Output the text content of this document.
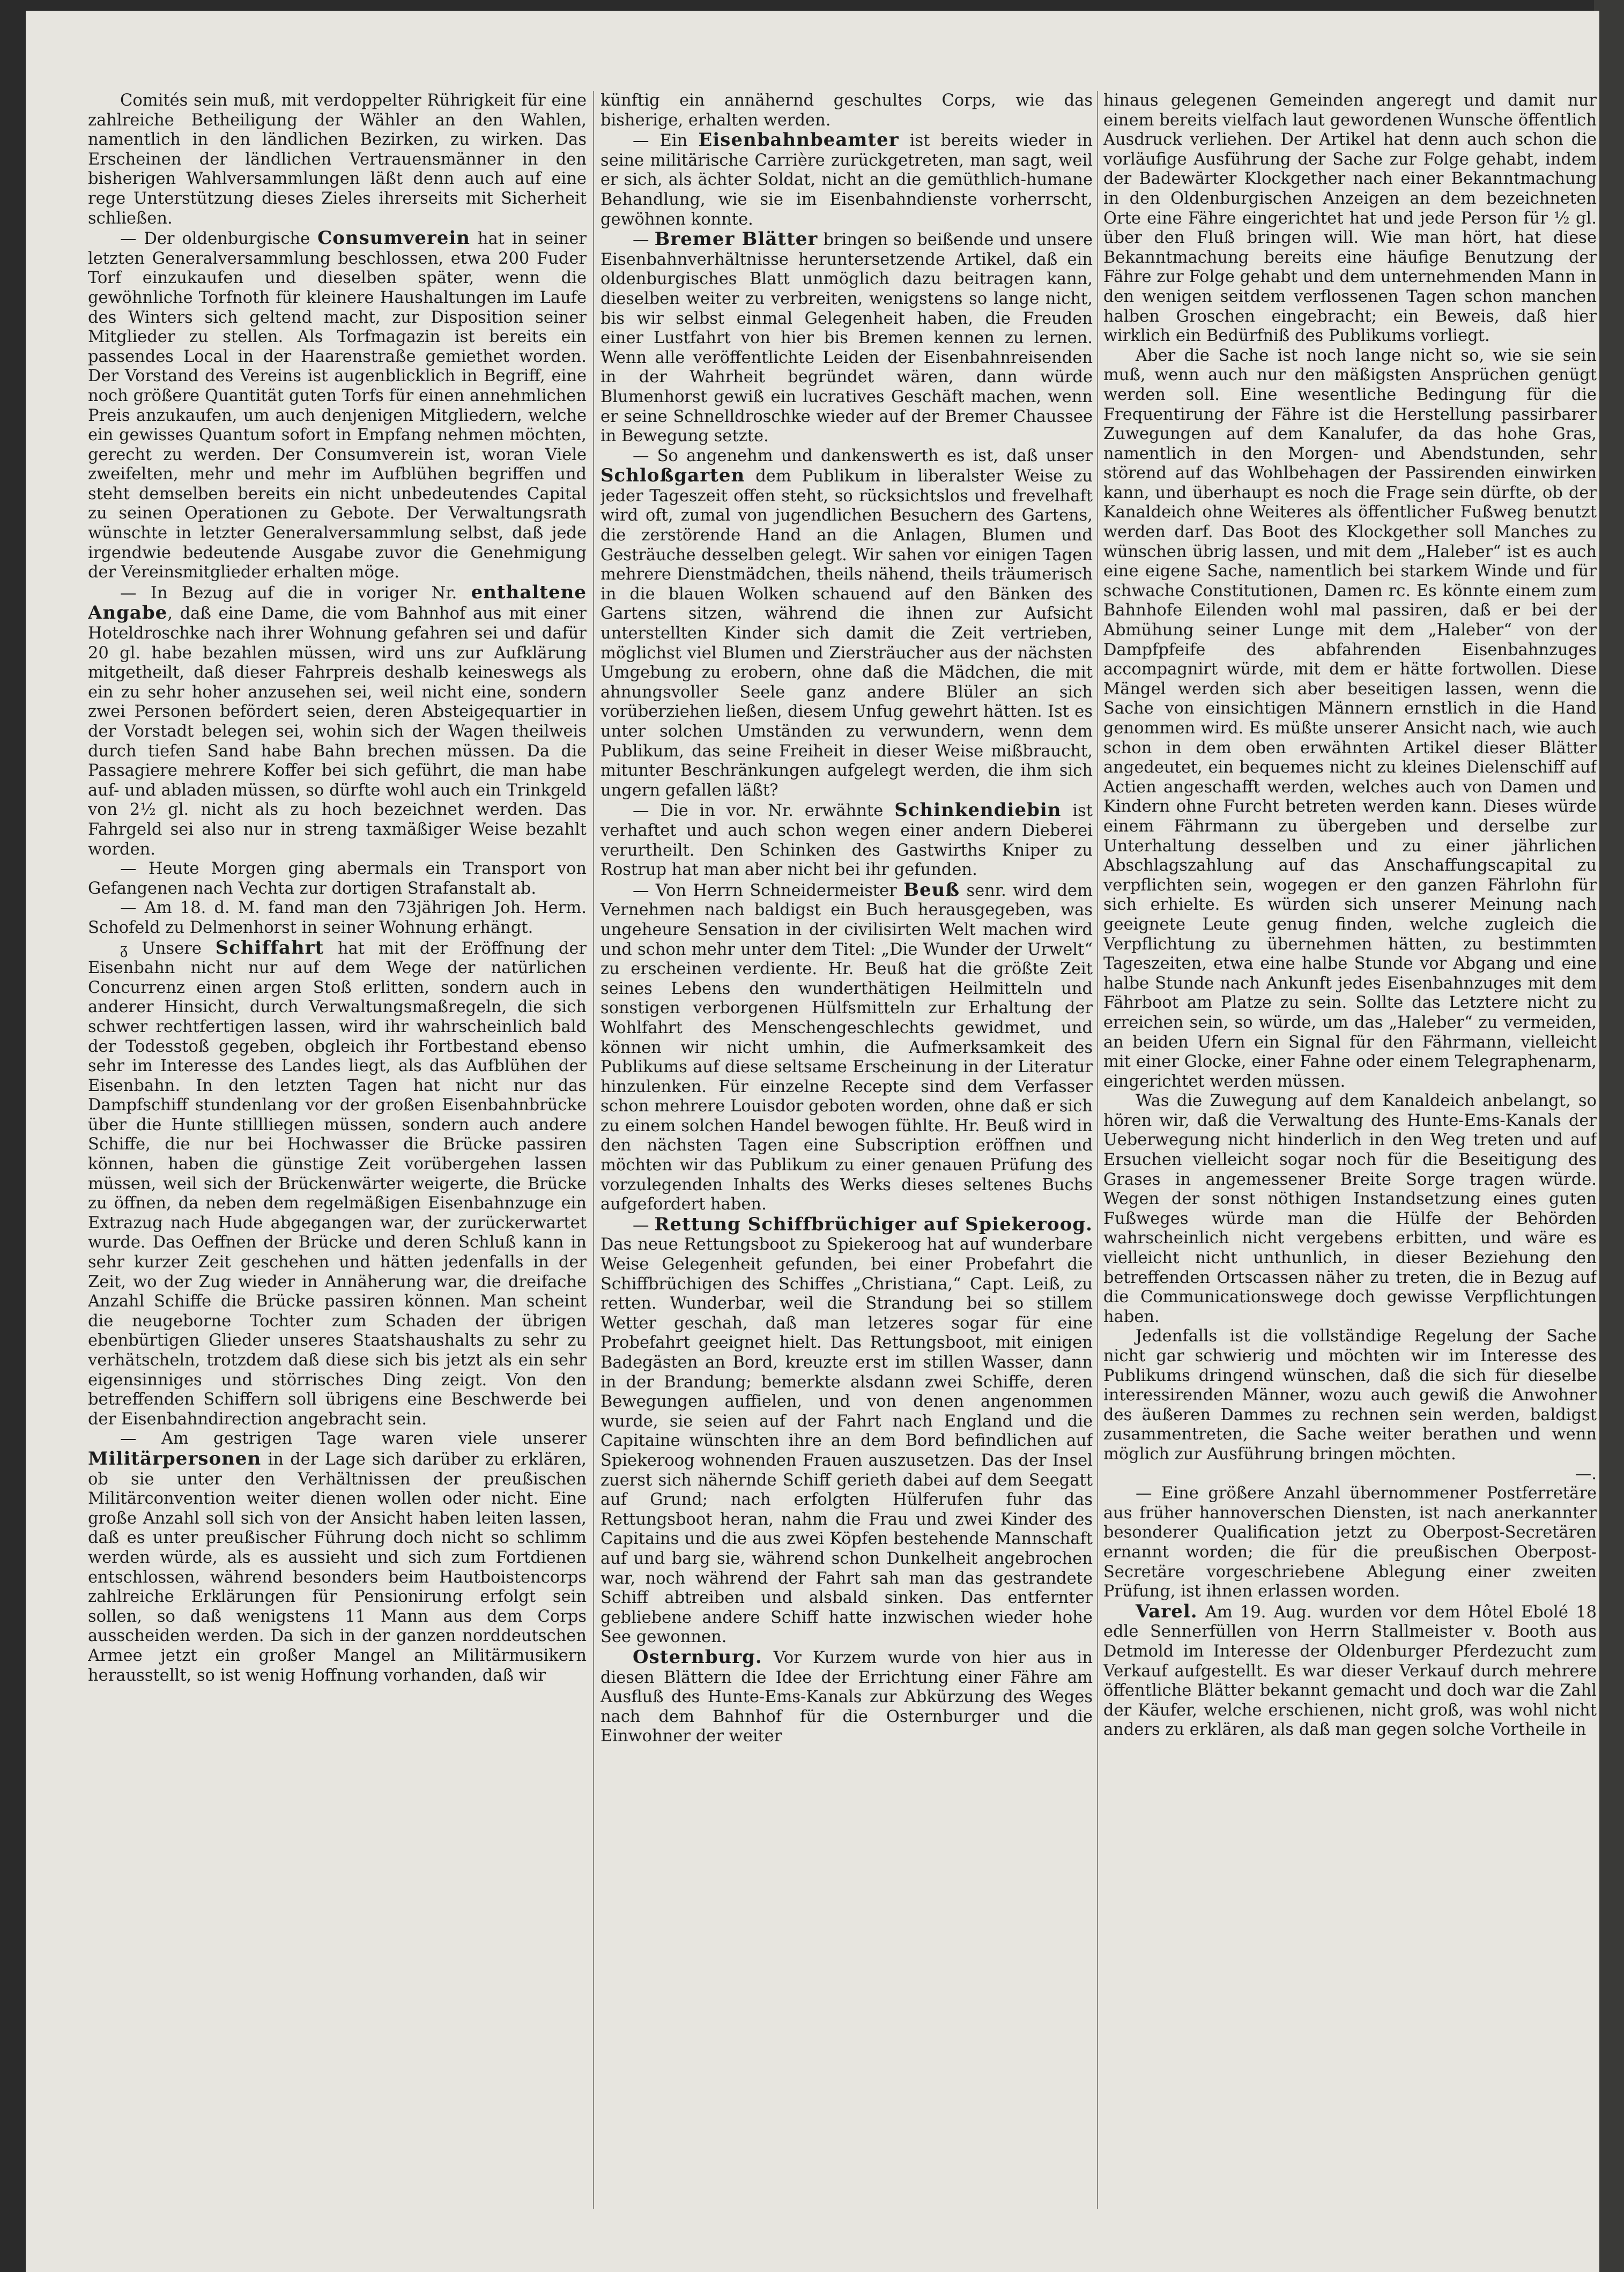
Comités sein muß, mit verdoppelter Rührigkeit für eine zahlreiche Betheiligung der Wähler an den Wahlen, namentlich in den ländlichen Bezirken, zu wirken. Das Erscheinen der ländlichen Vertrauensmänner in den bisherigen Wahlversammlungen läßt denn auch auf eine rege Unterstützung dieses Zieles ihrerseits mit Sicherheit schließen.

— Der oldenburgische Consumverein hat in seiner letzten Generalversammlung beschlossen, etwa 200 Fuder Torf einzukaufen und dieselben später, wenn die gewöhnliche Torfnoth für kleinere Haushaltungen im Laufe des Winters sich geltend macht, zur Disposition seiner Mitglieder zu stellen. Als Torfmagazin ist bereits ein passendes Local in der Haarenstraße gemiethet worden. Der Vorstand des Vereins ist augenblicklich in Begriff, eine noch größere Quantität guten Torfs für einen annehmlichen Preis anzukaufen, um auch denjenigen Mitgliedern, welche ein gewisses Quantum sofort in Empfang nehmen möchten, gerecht zu werden. Der Consumverein ist, woran Viele zweifelten, mehr und mehr im Aufblühen begriffen und steht demselben bereits ein nicht unbedeutendes Capital zu seinen Operationen zu Gebote. Der Verwaltungsrath wünschte in letzter Generalversammlung selbst, daß jede irgendwie bedeutende Ausgabe zuvor die Genehmigung der Vereinsmitglieder erhalten möge.

— In Bezug auf die in voriger Nr. enthaltene Angabe, daß eine Dame, die vom Bahnhof aus mit einer Hoteldroschke nach ihrer Wohnung gefahren sei und dafür 20 gl. habe bezahlen müssen, wird uns zur Aufklärung mitgetheilt, daß dieser Fahrpreis deshalb keineswegs als ein zu sehr hoher anzusehen sei, weil nicht eine, sondern zwei Personen befördert seien, deren Absteigequartier in der Vorstadt belegen sei, wohin sich der Wagen theilweis durch tiefen Sand habe Bahn brechen müssen. Da die Passagiere mehrere Koffer bei sich geführt, die man habe auf- und abladen müssen, so dürfte wohl auch ein Trinkgeld von 2½ gl. nicht als zu hoch bezeichnet werden. Das Fahrgeld sei also nur in streng taxmäßiger Weise bezahlt worden.

— Heute Morgen ging abermals ein Transport von Gefangenen nach Vechta zur dortigen Strafanstalt ab.

— Am 18. d. M. fand man den 73jährigen Joh. Herm. Schofeld zu Delmenhorst in seiner Wohnung erhängt.

ᵹ Unsere Schiffahrt hat mit der Eröffnung der Eisenbahn nicht nur auf dem Wege der natürlichen Concurrenz einen argen Stoß erlitten, sondern auch in anderer Hinsicht, durch Verwaltungsmaßregeln, die sich schwer rechtfertigen lassen, wird ihr wahrscheinlich bald der Todesstoß gegeben, obgleich ihr Fortbestand ebenso sehr im Interesse des Landes liegt, als das Aufblühen der Eisenbahn. In den letzten Tagen hat nicht nur das Dampfschiff stundenlang vor der großen Eisenbahnbrücke über die Hunte stillliegen müssen, sondern auch andere Schiffe, die nur bei Hochwasser die Brücke passiren können, haben die günstige Zeit vorübergehen lassen müssen, weil sich der Brückenwärter weigerte, die Brücke zu öffnen, da neben dem regelmäßigen Eisenbahnzuge ein Extrazug nach Hude abgegangen war, der zurückerwartet wurde. Das Oeffnen der Brücke und deren Schluß kann in sehr kurzer Zeit geschehen und hätten jedenfalls in der Zeit, wo der Zug wieder in Annäherung war, die dreifache Anzahl Schiffe die Brücke passiren können. Man scheint die neugeborne Tochter zum Schaden der übrigen ebenbürtigen Glieder unseres Staatshaushalts zu sehr zu verhätscheln, trotzdem daß diese sich bis jetzt als ein sehr eigensinniges und störrisches Ding zeigt. Von den betreffenden Schiffern soll übrigens eine Beschwerde bei der Eisenbahndirection angebracht sein.

— Am gestrigen Tage waren viele unserer Militärpersonen in der Lage sich darüber zu erklären, ob sie unter den Verhältnissen der preußischen Militärconvention weiter dienen wollen oder nicht. Eine große Anzahl soll sich von der Ansicht haben leiten lassen, daß es unter preußischer Führung doch nicht so schlimm werden würde, als es aussieht und sich zum Fortdienen entschlossen, während besonders beim Hautboistencorps zahlreiche Erklärungen für Pensionirung erfolgt sein sollen, so daß wenigstens 11 Mann aus dem Corps ausscheiden werden. Da sich in der ganzen norddeutschen Armee jetzt ein großer Mangel an Militärmusikern herausstellt, so ist wenig Hoffnung vorhanden, daß wir

künftig ein annähernd geschultes Corps, wie das bisherige, erhalten werden.

— Ein Eisenbahnbeamter ist bereits wieder in seine militärische Carrière zurückgetreten, man sagt, weil er sich, als ächter Soldat, nicht an die gemüthlich-humane Behandlung, wie sie im Eisenbahndienste vorherrscht, gewöhnen konnte.

— Bremer Blätter bringen so beißende und unsere Eisenbahnverhältnisse heruntersetzende Artikel, daß ein oldenburgisches Blatt unmöglich dazu beitragen kann, dieselben weiter zu verbreiten, wenigstens so lange nicht, bis wir selbst einmal Gelegenheit haben, die Freuden einer Lustfahrt von hier bis Bremen kennen zu lernen. Wenn alle veröffentlichte Leiden der Eisenbahnreisenden in der Wahrheit begründet wären, dann würde Blumenhorst gewiß ein lucratives Geschäft machen, wenn er seine Schnelldroschke wieder auf der Bremer Chaussee in Bewegung setzte.

— So angenehm und dankenswerth es ist, daß unser Schloßgarten dem Publikum in liberalster Weise zu jeder Tageszeit offen steht, so rücksichtslos und frevelhaft wird oft, zumal von jugendlichen Besuchern des Gartens, die zerstörende Hand an die Anlagen, Blumen und Gesträuche desselben gelegt. Wir sahen vor einigen Tagen mehrere Dienstmädchen, theils nähend, theils träumerisch in die blauen Wolken schauend auf den Bänken des Gartens sitzen, während die ihnen zur Aufsicht unterstellten Kinder sich damit die Zeit vertrieben, möglichst viel Blumen und Ziersträucher aus der nächsten Umgebung zu erobern, ohne daß die Mädchen, die mit ahnungsvoller Seele ganz andere Blüler an sich vorüberziehen ließen, diesem Unfug gewehrt hätten. Ist es unter solchen Umständen zu verwundern, wenn dem Publikum, das seine Freiheit in dieser Weise mißbraucht, mitunter Beschränkungen aufgelegt werden, die ihm sich ungern gefallen läßt?

— Die in vor. Nr. erwähnte Schinkendiebin ist verhaftet und auch schon wegen einer andern Dieberei verurtheilt. Den Schinken des Gastwirths Kniper zu Rostrup hat man aber nicht bei ihr gefunden.

— Von Herrn Schneidermeister Beuß senr. wird dem Vernehmen nach baldigst ein Buch herausgegeben, was ungeheure Sensation in der civilisirten Welt machen wird und schon mehr unter dem Titel: „Die Wunder der Urwelt“ zu erscheinen verdiente. Hr. Beuß hat die größte Zeit seines Lebens den wunderthätigen Heilmitteln und sonstigen verborgenen Hülfsmitteln zur Erhaltung der Wohlfahrt des Menschengeschlechts gewidmet, und können wir nicht umhin, die Aufmerksamkeit des Publikums auf diese seltsame Erscheinung in der Literatur hinzulenken. Für einzelne Recepte sind dem Verfasser schon mehrere Louisdor geboten worden, ohne daß er sich zu einem solchen Handel bewogen fühlte. Hr. Beuß wird in den nächsten Tagen eine Subscription eröffnen und möchten wir das Publikum zu einer genauen Prüfung des vorzulegenden Inhalts des Werks dieses seltenes Buchs aufgefordert haben.

— Rettung Schiffbrüchiger auf Spiekeroog. Das neue Rettungsboot zu Spiekeroog hat auf wunderbare Weise Gelegenheit gefunden, bei einer Probefahrt die Schiffbrüchigen des Schiffes „Christiana,“ Capt. Leiß, zu retten. Wunderbar, weil die Strandung bei so stillem Wetter geschah, daß man letzeres sogar für eine Probefahrt geeignet hielt. Das Rettungsboot, mit einigen Badegästen an Bord, kreuzte erst im stillen Wasser, dann in der Brandung; bemerkte alsdann zwei Schiffe, deren Bewegungen auffielen, und von denen angenommen wurde, sie seien auf der Fahrt nach England und die Capitaine wünschten ihre an dem Bord befindlichen auf Spiekeroog wohnenden Frauen auszusetzen. Das der Insel zuerst sich nähernde Schiff gerieth dabei auf dem Seegatt auf Grund; nach erfolgten Hülferufen fuhr das Rettungsboot heran, nahm die Frau und zwei Kinder des Capitains und die aus zwei Köpfen bestehende Mannschaft auf und barg sie, während schon Dunkelheit angebrochen war, noch während der Fahrt sah man das gestrandete Schiff abtreiben und alsbald sinken. Das entfernter gebliebene andere Schiff hatte inzwischen wieder hohe See gewonnen.

Osternburg. Vor Kurzem wurde von hier aus in diesen Blättern die Idee der Errichtung einer Fähre am Ausfluß des Hunte-Ems-Kanals zur Abkürzung des Weges nach dem Bahnhof für die Osternburger und die Einwohner der weiter

hinaus gelegenen Gemeinden angeregt und damit nur einem bereits vielfach laut gewordenen Wunsche öffentlich Ausdruck verliehen. Der Artikel hat denn auch schon die vorläufige Ausführung der Sache zur Folge gehabt, indem der Badewärter Klockgether nach einer Bekanntmachung in den Oldenburgischen Anzeigen an dem bezeichneten Orte eine Fähre eingerichtet hat und jede Person für ½ gl. über den Fluß bringen will. Wie man hört, hat diese Bekanntmachung bereits eine häufige Benutzung der Fähre zur Folge gehabt und dem unternehmenden Mann in den wenigen seitdem verflossenen Tagen schon manchen halben Groschen eingebracht; ein Beweis, daß hier wirklich ein Bedürfniß des Publikums vorliegt.

Aber die Sache ist noch lange nicht so, wie sie sein muß, wenn auch nur den mäßigsten Ansprüchen genügt werden soll. Eine wesentliche Bedingung für die Frequentirung der Fähre ist die Herstellung passirbarer Zuwegungen auf dem Kanalufer, da das hohe Gras, namentlich in den Morgen- und Abendstunden, sehr störend auf das Wohlbehagen der Passirenden einwirken kann, und überhaupt es noch die Frage sein dürfte, ob der Kanaldeich ohne Weiteres als öffentlicher Fußweg benutzt werden darf. Das Boot des Klockgether soll Manches zu wünschen übrig lassen, und mit dem „Haleber“ ist es auch eine eigene Sache, namentlich bei starkem Winde und für schwache Constitutionen, Damen rc. Es könnte einem zum Bahnhofe Eilenden wohl mal passiren, daß er bei der Abmühung seiner Lunge mit dem „Haleber“ von der Dampfpfeife des abfahrenden Eisenbahnzuges accompagnirt würde, mit dem er hätte fortwollen. Diese Mängel werden sich aber beseitigen lassen, wenn die Sache von einsichtigen Männern ernstlich in die Hand genommen wird. Es müßte unserer Ansicht nach, wie auch schon in dem oben erwähnten Artikel dieser Blätter angedeutet, ein bequemes nicht zu kleines Dielenschiff auf Actien angeschafft werden, welches auch von Damen und Kindern ohne Furcht betreten werden kann. Dieses würde einem Fährmann zu übergeben und derselbe zur Unterhaltung desselben und zu einer jährlichen Abschlagszahlung auf das Anschaffungscapital zu verpflichten sein, wogegen er den ganzen Fährlohn für sich erhielte. Es würden sich unserer Meinung nach geeignete Leute genug finden, welche zugleich die Verpflichtung zu übernehmen hätten, zu bestimmten Tageszeiten, etwa eine halbe Stunde vor Abgang und eine halbe Stunde nach Ankunft jedes Eisenbahnzuges mit dem Fährboot am Platze zu sein. Sollte das Letztere nicht zu erreichen sein, so würde, um das „Haleber“ zu vermeiden, an beiden Ufern ein Signal für den Fährmann, vielleicht mit einer Glocke, einer Fahne oder einem Telegraphenarm, eingerichtet werden müssen.

Was die Zuwegung auf dem Kanaldeich anbelangt, so hören wir, daß die Verwaltung des Hunte-Ems-Kanals der Ueberwegung nicht hinderlich in den Weg treten und auf Ersuchen vielleicht sogar noch für die Beseitigung des Grases in angemessener Breite Sorge tragen würde. Wegen der sonst nöthigen Instandsetzung eines guten Fußweges würde man die Hülfe der Behörden wahrscheinlich nicht vergebens erbitten, und wäre es vielleicht nicht unthunlich, in dieser Beziehung den betreffenden Ortscassen näher zu treten, die in Bezug auf die Communicationswege doch gewisse Verpflichtungen haben.

Jedenfalls ist die vollständige Regelung der Sache nicht gar schwierig und möchten wir im Interesse des Publikums dringend wünschen, daß die sich für dieselbe interessirenden Männer, wozu auch gewiß die Anwohner des äußeren Dammes zu rechnen sein werden, baldigst zusammentreten, die Sache weiter berathen und wenn möglich zur Ausführung bringen möchten.

—.

— Eine größere Anzahl übernommener Postferretäre aus früher hannoverschen Diensten, ist nach anerkannter besonderer Qualification jetzt zu Oberpost-Secretären ernannt worden; die für die preußischen Oberpost-Secretäre vorgeschriebene Ablegung einer zweiten Prüfung, ist ihnen erlassen worden.

Varel. Am 19. Aug. wurden vor dem Hôtel Ebolé 18 edle Sennerfüllen von Herrn Stallmeister v. Booth aus Detmold im Interesse der Oldenburger Pferdezucht zum Verkauf aufgestellt. Es war dieser Verkauf durch mehrere öffentliche Blätter bekannt gemacht und doch war die Zahl der Käufer, welche erschienen, nicht groß, was wohl nicht anders zu erklären, als daß man gegen solche Vortheile in
